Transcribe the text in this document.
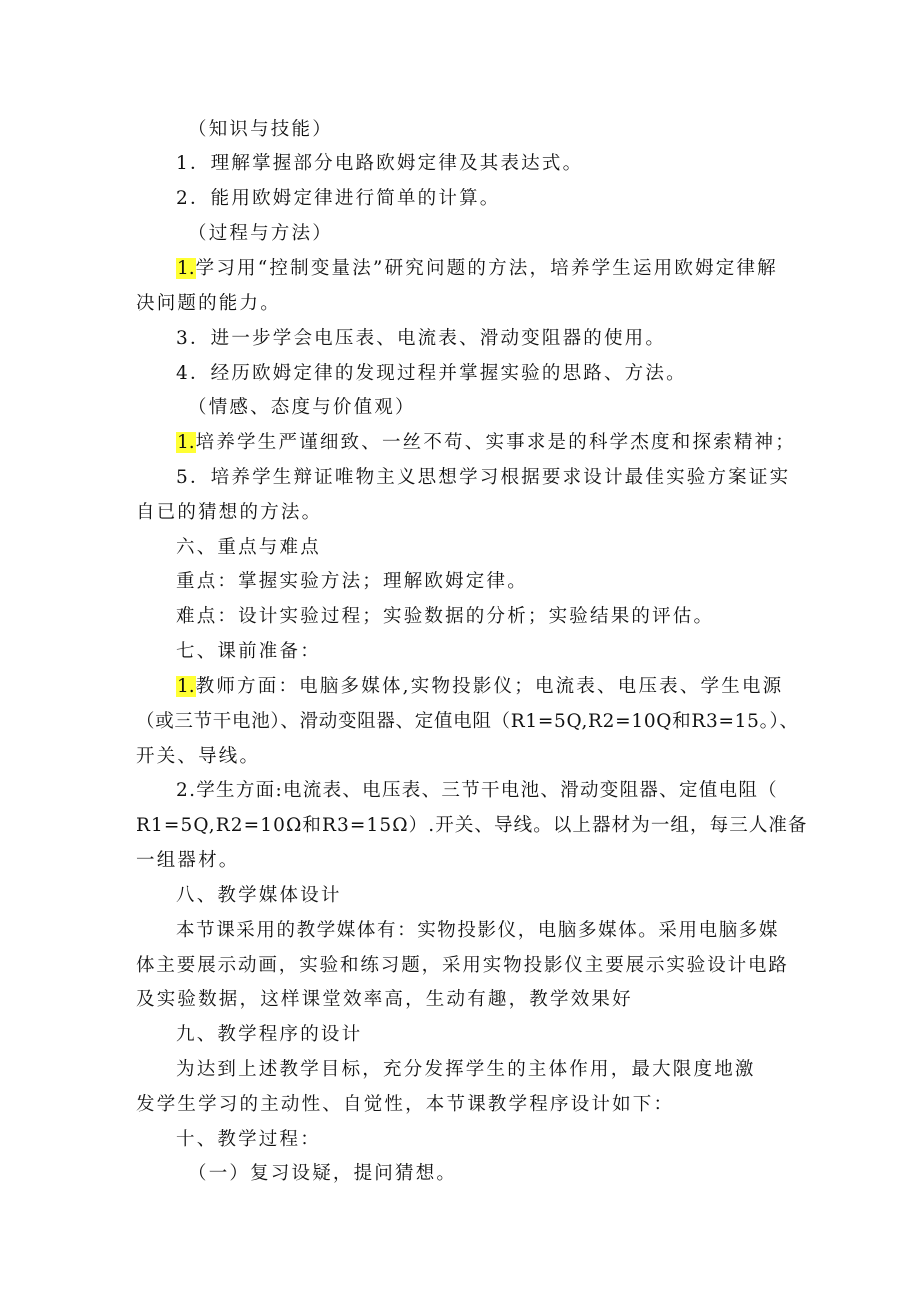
（知识与技能）
1．理解掌握部分电路欧姆定律及其表达式。
2．能用欧姆定律进行简单的计算。
（过程与方法）
1.学习用“控制变量法”研究问题的方法，培养学生运用欧姆定律解
决问题的能力。
3．进一步学会电压表、电流表、滑动变阻器的使用。
4．经历欧姆定律的发现过程并掌握实验的思路、方法。
（情感、态度与价值观）
1.培养学生严谨细致、一丝不苟、实事求是的科学杰度和探索精神；
5．培养学生辩证唯物主义思想学习根据要求设计最佳实验方案证实
自已的猜想的方法。
六、重点与难点
重点：掌握实验方法；理解欧姆定律。
难点：设计实验过程；实验数据的分析；实验结果的评估。
七、课前准备：
1.教师方面：电脑多媒体,实物投影仪；电流表、电压表、学生电源
（或三节干电池）、滑动变阻器、定值电阻（R1=5Q,R2=10Q和R3=15。）、
开关、导线。
2.学生方面:电流表、电压表、三节干电池、滑动变阻器、定值电阻（
R1=5Q,R2=10Ω和R3=15Ω）.开关、导线。以上器材为一组，每三人准备
一组器材。
八、教学媒体设计
本节课采用的教学媒体有：实物投影仪，电脑多媒体。采用电脑多媒
体主要展示动画，实验和练习题，采用实物投影仪主要展示实验设计电路
及实验数据，这样课堂效率高，生动有趣，教学效果好
九、教学程序的设计
为达到上述教学目标，充分发挥学生的主体作用，最大限度地激
发学生学习的主动性、自觉性，本节课教学程序设计如下：
十、教学过程：
（一）复习设疑，提问猜想。
